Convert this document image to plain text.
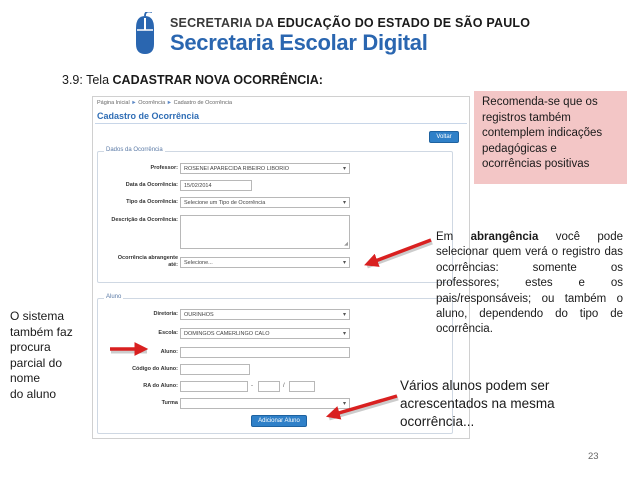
SECRETARIA DA EDUCAÇÃO DO ESTADO DE SÃO PAULO
Secretaria Escolar Digital
3.9: Tela CADASTRAR NOVA OCORRÊNCIA:
Página Inicial ► Ocorrência ► Cadastro de Ocorrência
Cadastro de Ocorrência
Voltar
Dados da Ocorrência
Professor:	ROSENEI APARECIDA RIBEIRO LIBORIO ▾
Data da Ocorrência:	15/02/2014
Tipo da Ocorrência:	Selecione um Tipo de Ocorrência ▾
Descrição da Ocorrência:
◢
Ocorrência abrangente
até:	Selecione... ▾
Aluno
Diretoria:	OURINHOS ▾
Escola:	DOMINGOS CAMERLINGO CALO ▾
Aluno:
Código do Aluno:
RA do Aluno:	-	/
Turma
▾
Adicionar Aluno
Recomenda-se que os registros também contemplem indicações pedagógicas e ocorrências positivas
Em abrangência você pode selecionar quem verá o registro das ocorrências: somente os professores; estes e os pais/responsáveis; ou também o aluno, dependendo do tipo de ocorrência.
O sistema
também faz
procura
parcial do
nome
do aluno
Vários alunos podem ser acrescentados na mesma ocorrência...
23
